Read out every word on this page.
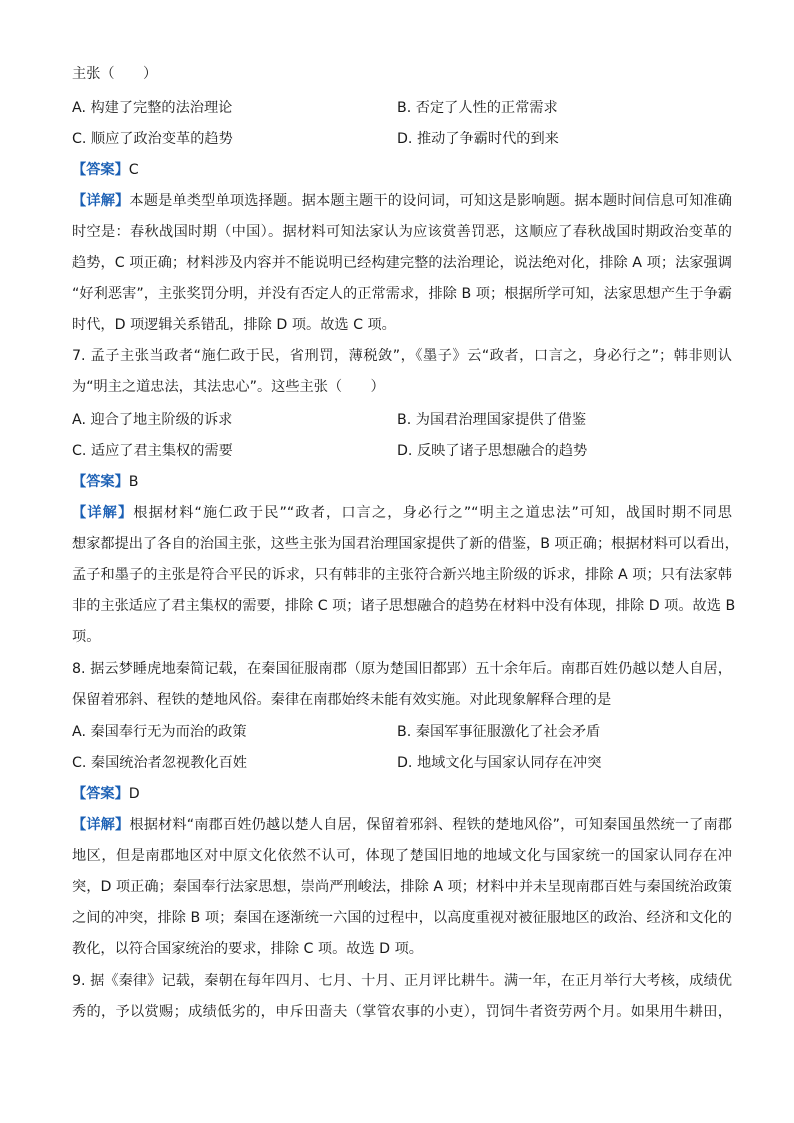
主张（　　）
A. 构建了完整的法治理论	B. 否定了人性的正常需求
C. 顺应了政治变革的趋势	D. 推动了争霸时代的到来
【答案】C
【详解】本题是单类型单项选择题。据本题主题干的设问词，可知这是影响题。据本题时间信息可知准确
时空是：春秋战国时期（中国）。据材料可知法家认为应该赏善罚恶，这顺应了春秋战国时期政治变革的
趋势，C 项正确；材料涉及内容并不能说明已经构建完整的法治理论，说法绝对化，排除 A 项；法家强调
“好利恶害”，主张奖罚分明，并没有否定人的正常需求，排除 B 项；根据所学可知，法家思想产生于争霸
时代，D 项逻辑关系错乱，排除 D 项。故选 C 项。
7. 孟子主张当政者“施仁政于民，省刑罚，薄税敛”，《墨子》云“政者，口言之，身必行之”；韩非则认
为“明主之道忠法，其法忠心”。这些主张（　　）
A. 迎合了地主阶级的诉求	B. 为国君治理国家提供了借鉴
C. 适应了君主集权的需要	D. 反映了诸子思想融合的趋势
【答案】B
【详解】根据材料“施仁政于民”“政者，口言之，身必行之”“明主之道忠法”可知，战国时期不同思
想家都提出了各自的治国主张，这些主张为国君治理国家提供了新的借鉴，B 项正确；根据材料可以看出，
孟子和墨子的主张是符合平民的诉求，只有韩非的主张符合新兴地主阶级的诉求，排除 A 项；只有法家韩
非的主张适应了君主集权的需要，排除 C 项；诸子思想融合的趋势在材料中没有体现，排除 D 项。故选 B
项。
8. 据云梦睡虎地秦简记载，在秦国征服南郡（原为楚国旧都郢）五十余年后。南郡百姓仍越以楚人自居，
保留着邪斜、程铁的楚地风俗。秦律在南郡始终未能有效实施。对此现象解释合理的是
A. 秦国奉行无为而治的政策	B. 秦国军事征服激化了社会矛盾
C. 秦国统治者忽视教化百姓	D. 地域文化与国家认同存在冲突
【答案】D
【详解】根据材料“南郡百姓仍越以楚人自居，保留着邪斜、程铁的楚地风俗”，可知秦国虽然统一了南郡
地区，但是南郡地区对中原文化依然不认可，体现了楚国旧地的地域文化与国家统一的国家认同存在冲
突，D 项正确；秦国奉行法家思想，崇尚严刑峻法，排除 A 项；材料中并未呈现南郡百姓与秦国统治政策
之间的冲突，排除 B 项；秦国在逐渐统一六国的过程中，以高度重视对被征服地区的政治、经济和文化的
教化，以符合国家统治的要求，排除 C 项。故选 D 项。
9. 据《秦律》记载，秦朝在每年四月、七月、十月、正月评比耕牛。满一年，在正月举行大考核，成绩优
秀的，予以赏赐；成绩低劣的，申斥田啬夫（掌管农事的小吏），罚饲牛者资劳两个月。如果用牛耕田，
